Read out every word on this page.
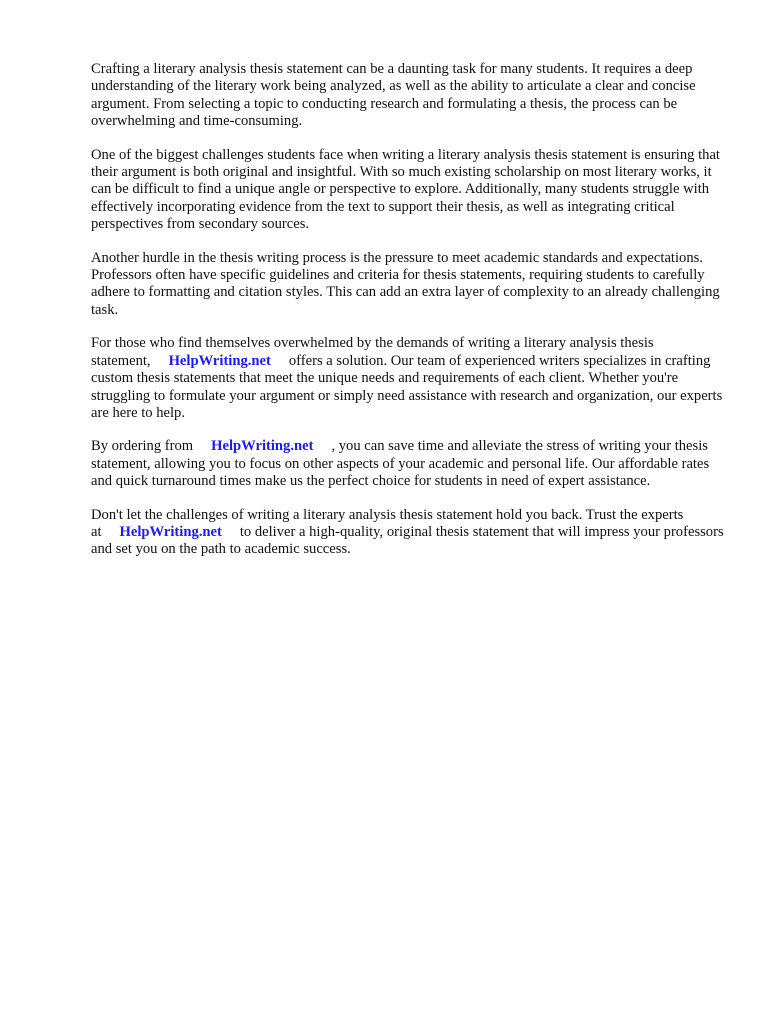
Crafting a literary analysis thesis statement can be a daunting task for many students. It requires a deep understanding of the literary work being analyzed, as well as the ability to articulate a clear and concise argument. From selecting a topic to conducting research and formulating a thesis, the process can be overwhelming and time-consuming.

One of the biggest challenges students face when writing a literary analysis thesis statement is ensuring that their argument is both original and insightful. With so much existing scholarship on most literary works, it can be difficult to find a unique angle or perspective to explore. Additionally, many students struggle with effectively incorporating evidence from the text to support their thesis, as well as integrating critical perspectives from secondary sources.

Another hurdle in the thesis writing process is the pressure to meet academic standards and expectations. Professors often have specific guidelines and criteria for thesis statements, requiring students to carefully adhere to formatting and citation styles. This can add an extra layer of complexity to an already challenging task.

For those who find themselves overwhelmed by the demands of writing a literary analysis thesis statement, HelpWriting.net offers a solution. Our team of experienced writers specializes in crafting custom thesis statements that meet the unique needs and requirements of each client. Whether you're struggling to formulate your argument or simply need assistance with research and organization, our experts are here to help.

By ordering from HelpWriting.net , you can save time and alleviate the stress of writing your thesis statement, allowing you to focus on other aspects of your academic and personal life. Our affordable rates and quick turnaround times make us the perfect choice for students in need of expert assistance.

Don't let the challenges of writing a literary analysis thesis statement hold you back. Trust the experts at HelpWriting.net to deliver a high-quality, original thesis statement that will impress your professors and set you on the path to academic success.
